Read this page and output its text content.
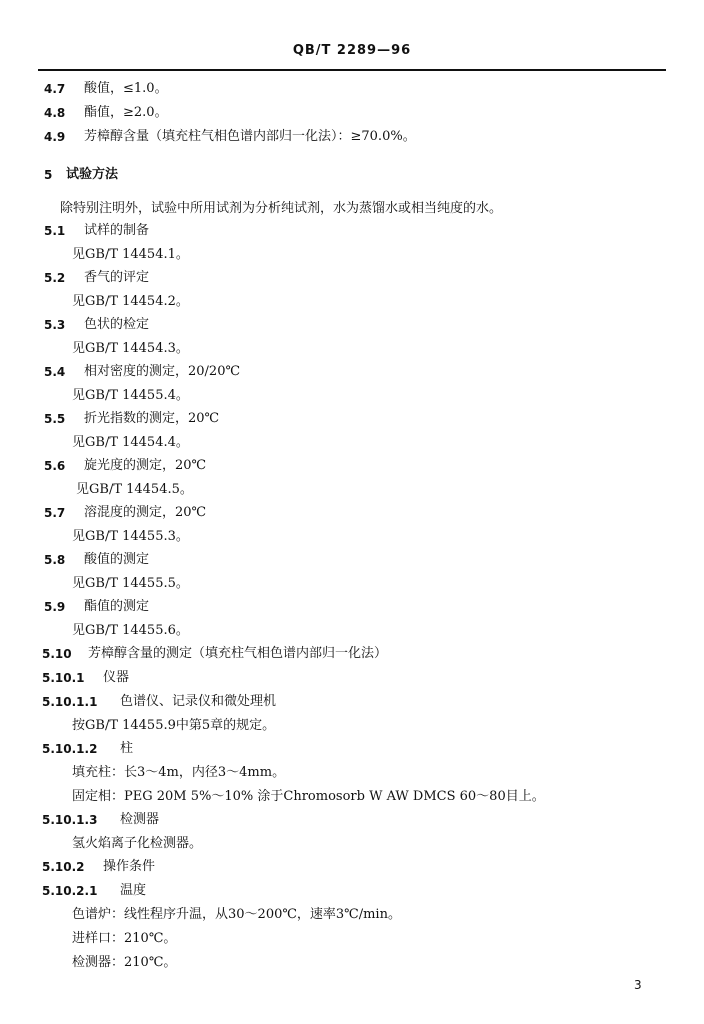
QB/T 2289—96
4.7 酸值，≤1.0。
4.8 酯值，≥2.0。
4.9 芳樟醇含量（填充柱气相色谱内部归一化法）：≥70.0%。
5 试验方法
除特别注明外，试验中所用试剂为分析纯试剂，水为蒸馏水或相当纯度的水。
5.1 试样的制备
见GB/T 14454.1。
5.2 香气的评定
见GB/T 14454.2。
5.3 色状的检定
见GB/T 14454.3。
5.4 相对密度的测定，20/20℃
见GB/T 14455.4。
5.5 折光指数的测定，20℃
见GB/T 14454.4。
5.6 旋光度的测定，20℃
见GB/T 14454.5。
5.7 溶混度的测定，20℃
见GB/T 14455.3。
5.8 酸值的测定
见GB/T 14455.5。
5.9 酯值的测定
见GB/T 14455.6。
5.10 芳樟醇含量的测定（填充柱气相色谱内部归一化法）
5.10.1 仪器
5.10.1.1 色谱仪、记录仪和微处理机
按GB/T 14455.9中第5章的规定。
5.10.1.2 柱
填充柱：长3～4m，内径3～4mm。
固定相：PEG 20M 5%～10% 涂于Chromosorb W AW DMCS 60～80目上。
5.10.1.3 检测器
氢火焰离子化检测器。
5.10.2 操作条件
5.10.2.1 温度
色谱炉：线性程序升温，从30～200℃，速率3℃/min。
进样口：210℃。
检测器：210℃。
3
